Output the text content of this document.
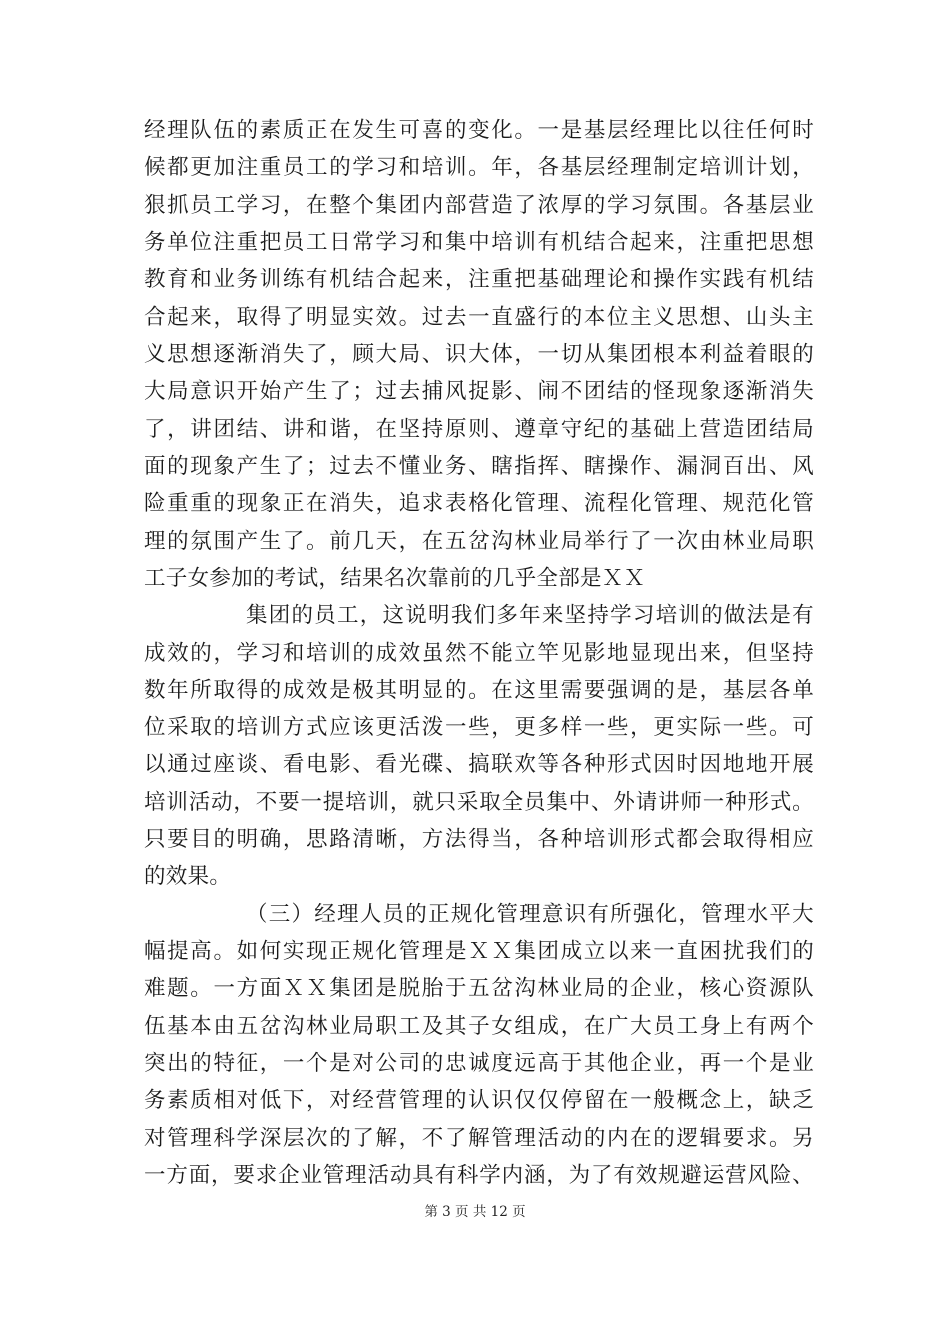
经理队伍的素质正在发生可喜的变化。一是基层经理比以往任何时
候都更加注重员工的学习和培训。年，各基层经理制定培训计划，
狠抓员工学习，在整个集团内部营造了浓厚的学习氛围。各基层业
务单位注重把员工日常学习和集中培训有机结合起来，注重把思想
教育和业务训练有机结合起来，注重把基础理论和操作实践有机结
合起来，取得了明显实效。过去一直盛行的本位主义思想、山头主
义思想逐渐消失了，顾大局、识大体，一切从集团根本利益着眼的
大局意识开始产生了；过去捕风捉影、闹不团结的怪现象逐渐消失
了，讲团结、讲和谐，在坚持原则、遵章守纪的基础上营造团结局
面的现象产生了；过去不懂业务、瞎指挥、瞎操作、漏洞百出、风
险重重的现象正在消失，追求表格化管理、流程化管理、规范化管
理的氛围产生了。前几天，在五岔沟林业局举行了一次由林业局职
工子女参加的考试，结果名次靠前的几乎全部是ＸＸ
集团的员工，这说明我们多年来坚持学习培训的做法是有
成效的，学习和培训的成效虽然不能立竿见影地显现出来，但坚持
数年所取得的成效是极其明显的。在这里需要强调的是，基层各单
位采取的培训方式应该更活泼一些，更多样一些，更实际一些。可
以通过座谈、看电影、看光碟、搞联欢等各种形式因时因地地开展
培训活动，不要一提培训，就只采取全员集中、外请讲师一种形式。
只要目的明确，思路清晰，方法得当，各种培训形式都会取得相应
的效果。
（三）经理人员的正规化管理意识有所强化，管理水平大
幅提高。如何实现正规化管理是ＸＸ集团成立以来一直困扰我们的
难题。一方面ＸＸ集团是脱胎于五岔沟林业局的企业，核心资源队
伍基本由五岔沟林业局职工及其子女组成，在广大员工身上有两个
突出的特征，一个是对公司的忠诚度远高于其他企业，再一个是业
务素质相对低下，对经营管理的认识仅仅停留在一般概念上，缺乏
对管理科学深层次的了解，不了解管理活动的内在的逻辑要求。另
一方面，要求企业管理活动具有科学内涵，为了有效规避运营风险、
第 3 页 共 12 页
